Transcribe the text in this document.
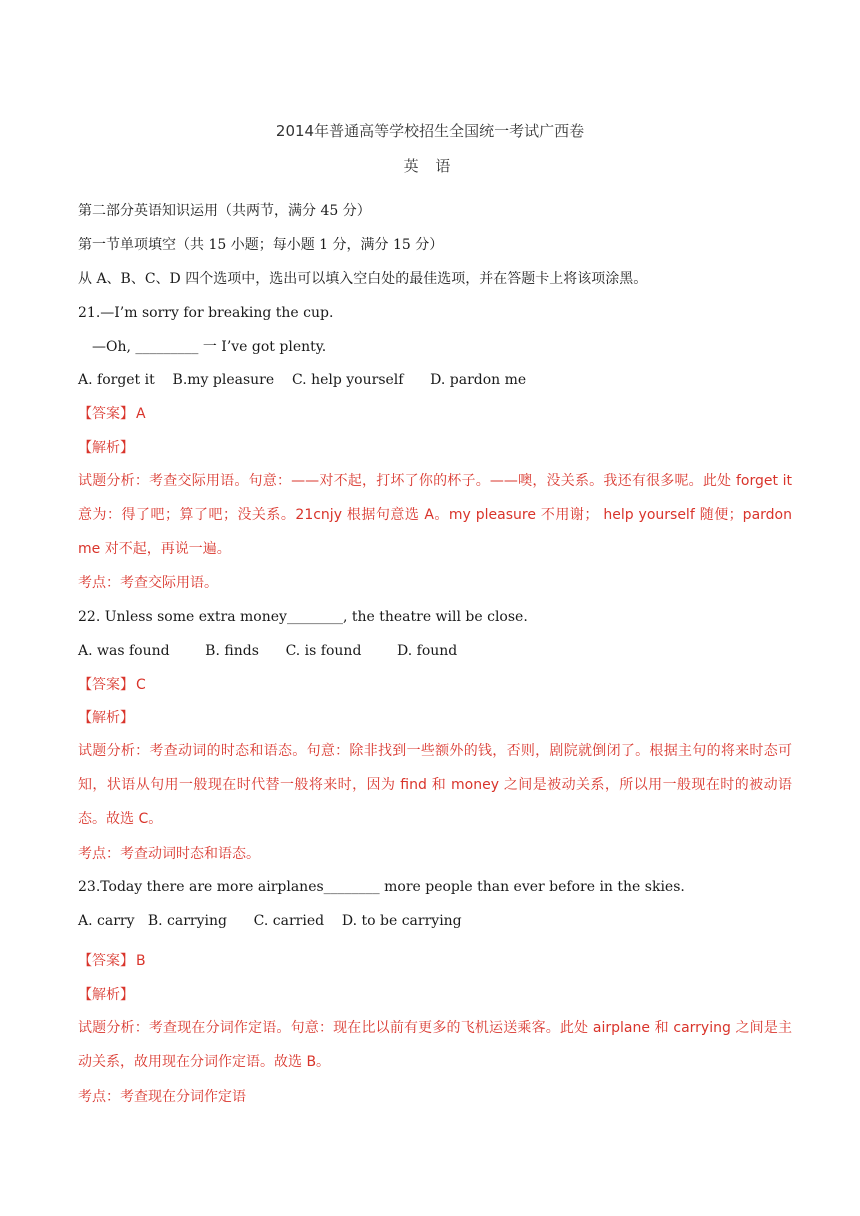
2014年普通高等学校招生全国统一考试广西卷
英 语
第二部分英语知识运用（共两节，满分 45 分）
第一节单项填空（共 15 小题；每小题 1 分，满分 15 分）
从 A、B、C、D 四个选项中，选出可以填入空白处的最佳选项，并在答题卡上将该项涂黑。
21.—I’m sorry for breaking the cup.
—Oh, _________ 一 I’ve got plenty.
A. forget it    B.my pleasure    C. help yourself      D. pardon me
【答案】 A
【解析】
试题分析：考查交际用语。句意：——对不起，打坏了你的杯子。——噢，没关系。我还有很多呢。此处 forget it 意为：得了吧；算了吧；没关系。21cnjy 根据句意选 A。my pleasure 不用谢； help yourself 随便；pardon me 对不起，再说一遍。
考点：考查交际用语。
22. Unless some extra money________, the theatre will be close.
A. was found        B. finds      C. is found        D. found
【答案】 C
【解析】
试题分析：考查动词的时态和语态。句意：除非找到一些额外的钱，否则，剧院就倒闭了。根据主句的将来时态可知，状语从句用一般现在时代替一般将来时，因为 find 和 money 之间是被动关系，所以用一般现在时的被动语态。故选 C。
考点：考查动词时态和语态。
23.Today there are more airplanes________ more people than ever before in the skies.
A. carry   B. carrying      C. carried    D. to be carrying
【答案】 B
【解析】
试题分析：考查现在分词作定语。句意：现在比以前有更多的飞机运送乘客。此处 airplane 和 carrying 之间是主动关系，故用现在分词作定语。故选 B。
考点：考查现在分词作定语
